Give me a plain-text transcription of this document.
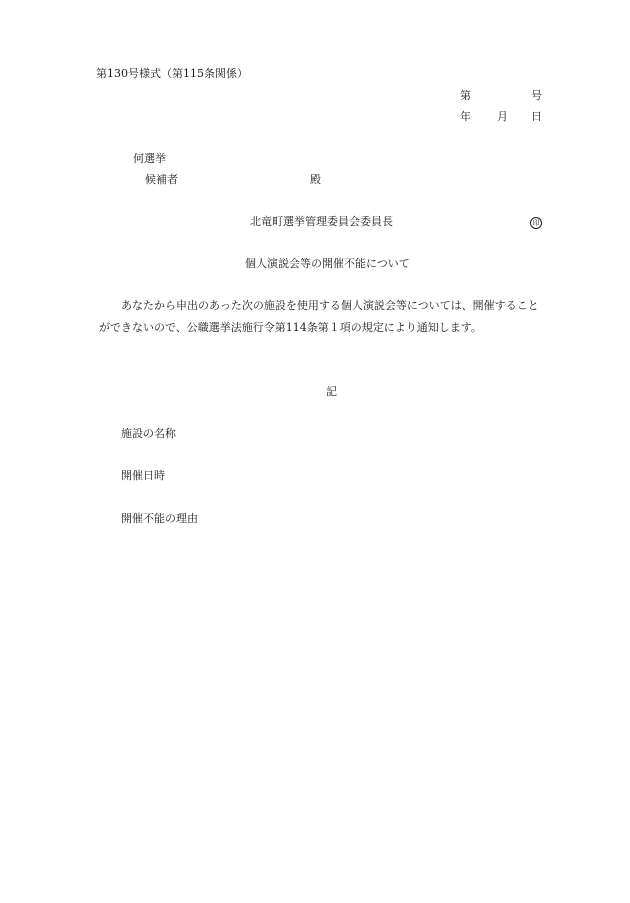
第130号様式（第115条関係）
第	号
年 月 日
何選挙
候補者	殿
北竜町選挙管理委員会委員長	印
個人演説会等の開催不能について
あなたから申出のあった次の施設を使用する個人演説会等については、開催すること
ができないので、公職選挙法施行令第114条第１項の規定により通知します。
記
施設の名称
開催日時
開催不能の理由
